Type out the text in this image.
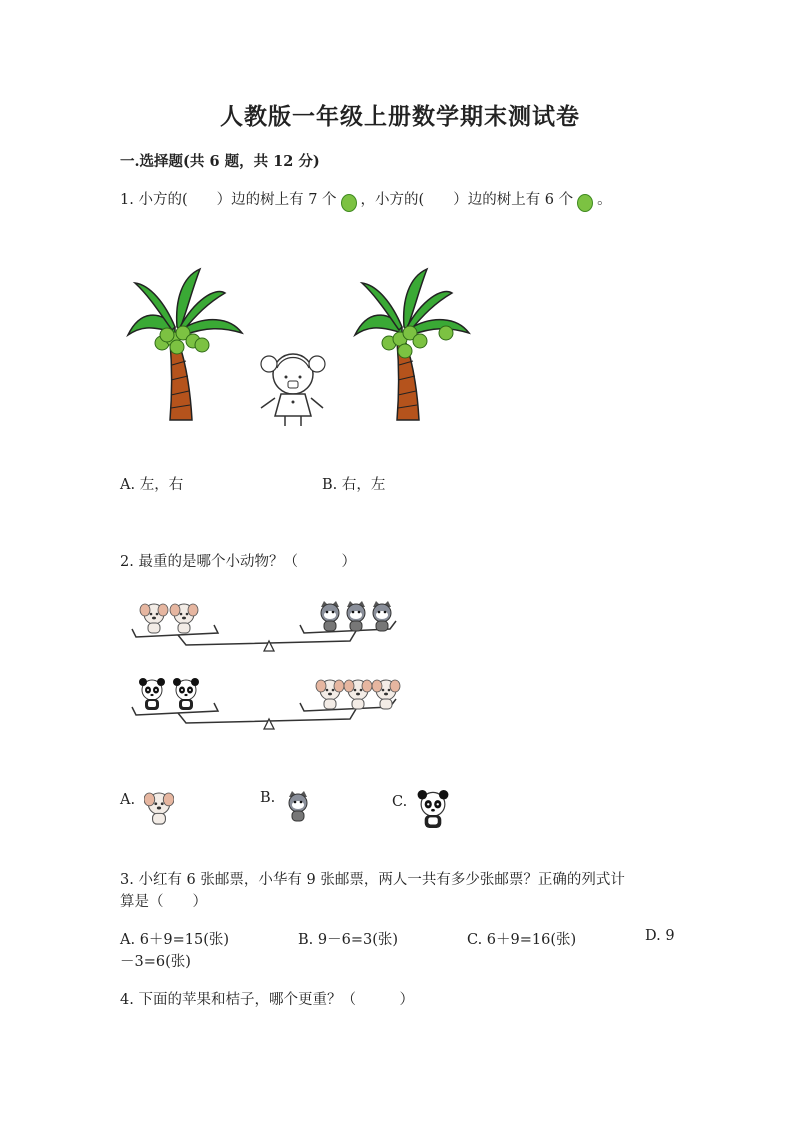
人教版一年级上册数学期末测试卷
一.选择题(共 6 题，共 12 分)
1. 小方的(　　）边的树上有 7 个 ，小方的(　　）边的树上有 6 个 。
A. 左，右	B. 右，左
2. 最重的是哪个小动物？（　　　）
A.	B.	C.
3. 小红有 6 张邮票，小华有 9 张邮票，两人一共有多少张邮票？正确的列式计
算是（　　）
A. 6＋9=15(张)	B. 9－6=3(张)	C. 6＋9=16(张)	D. 9
－3=6(张)
4. 下面的苹果和桔子，哪个更重？（　　　）
